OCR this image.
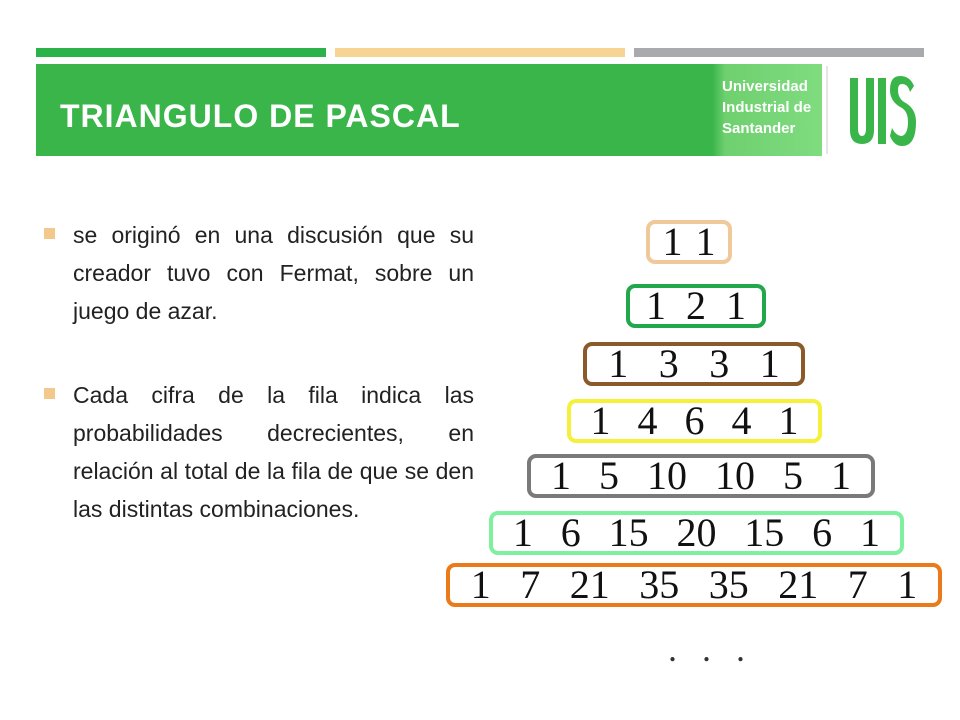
TRIANGULO DE PASCAL
Universidad
Industrial de
Santander
se originó en una discusión que su creador tuvo con Fermat, sobre un juego de azar.
Cada cifra de la fila indica las probabilidades decrecientes, en relación al total de la fila de que se den las distintas combinaciones.
1 1
1 2 1
1 3 3 1
1 4 6 4 1
1 5 10 10 5 1
1 6 15 20 15 6 1
1 7 21 35 35 21 7 1
. . .
